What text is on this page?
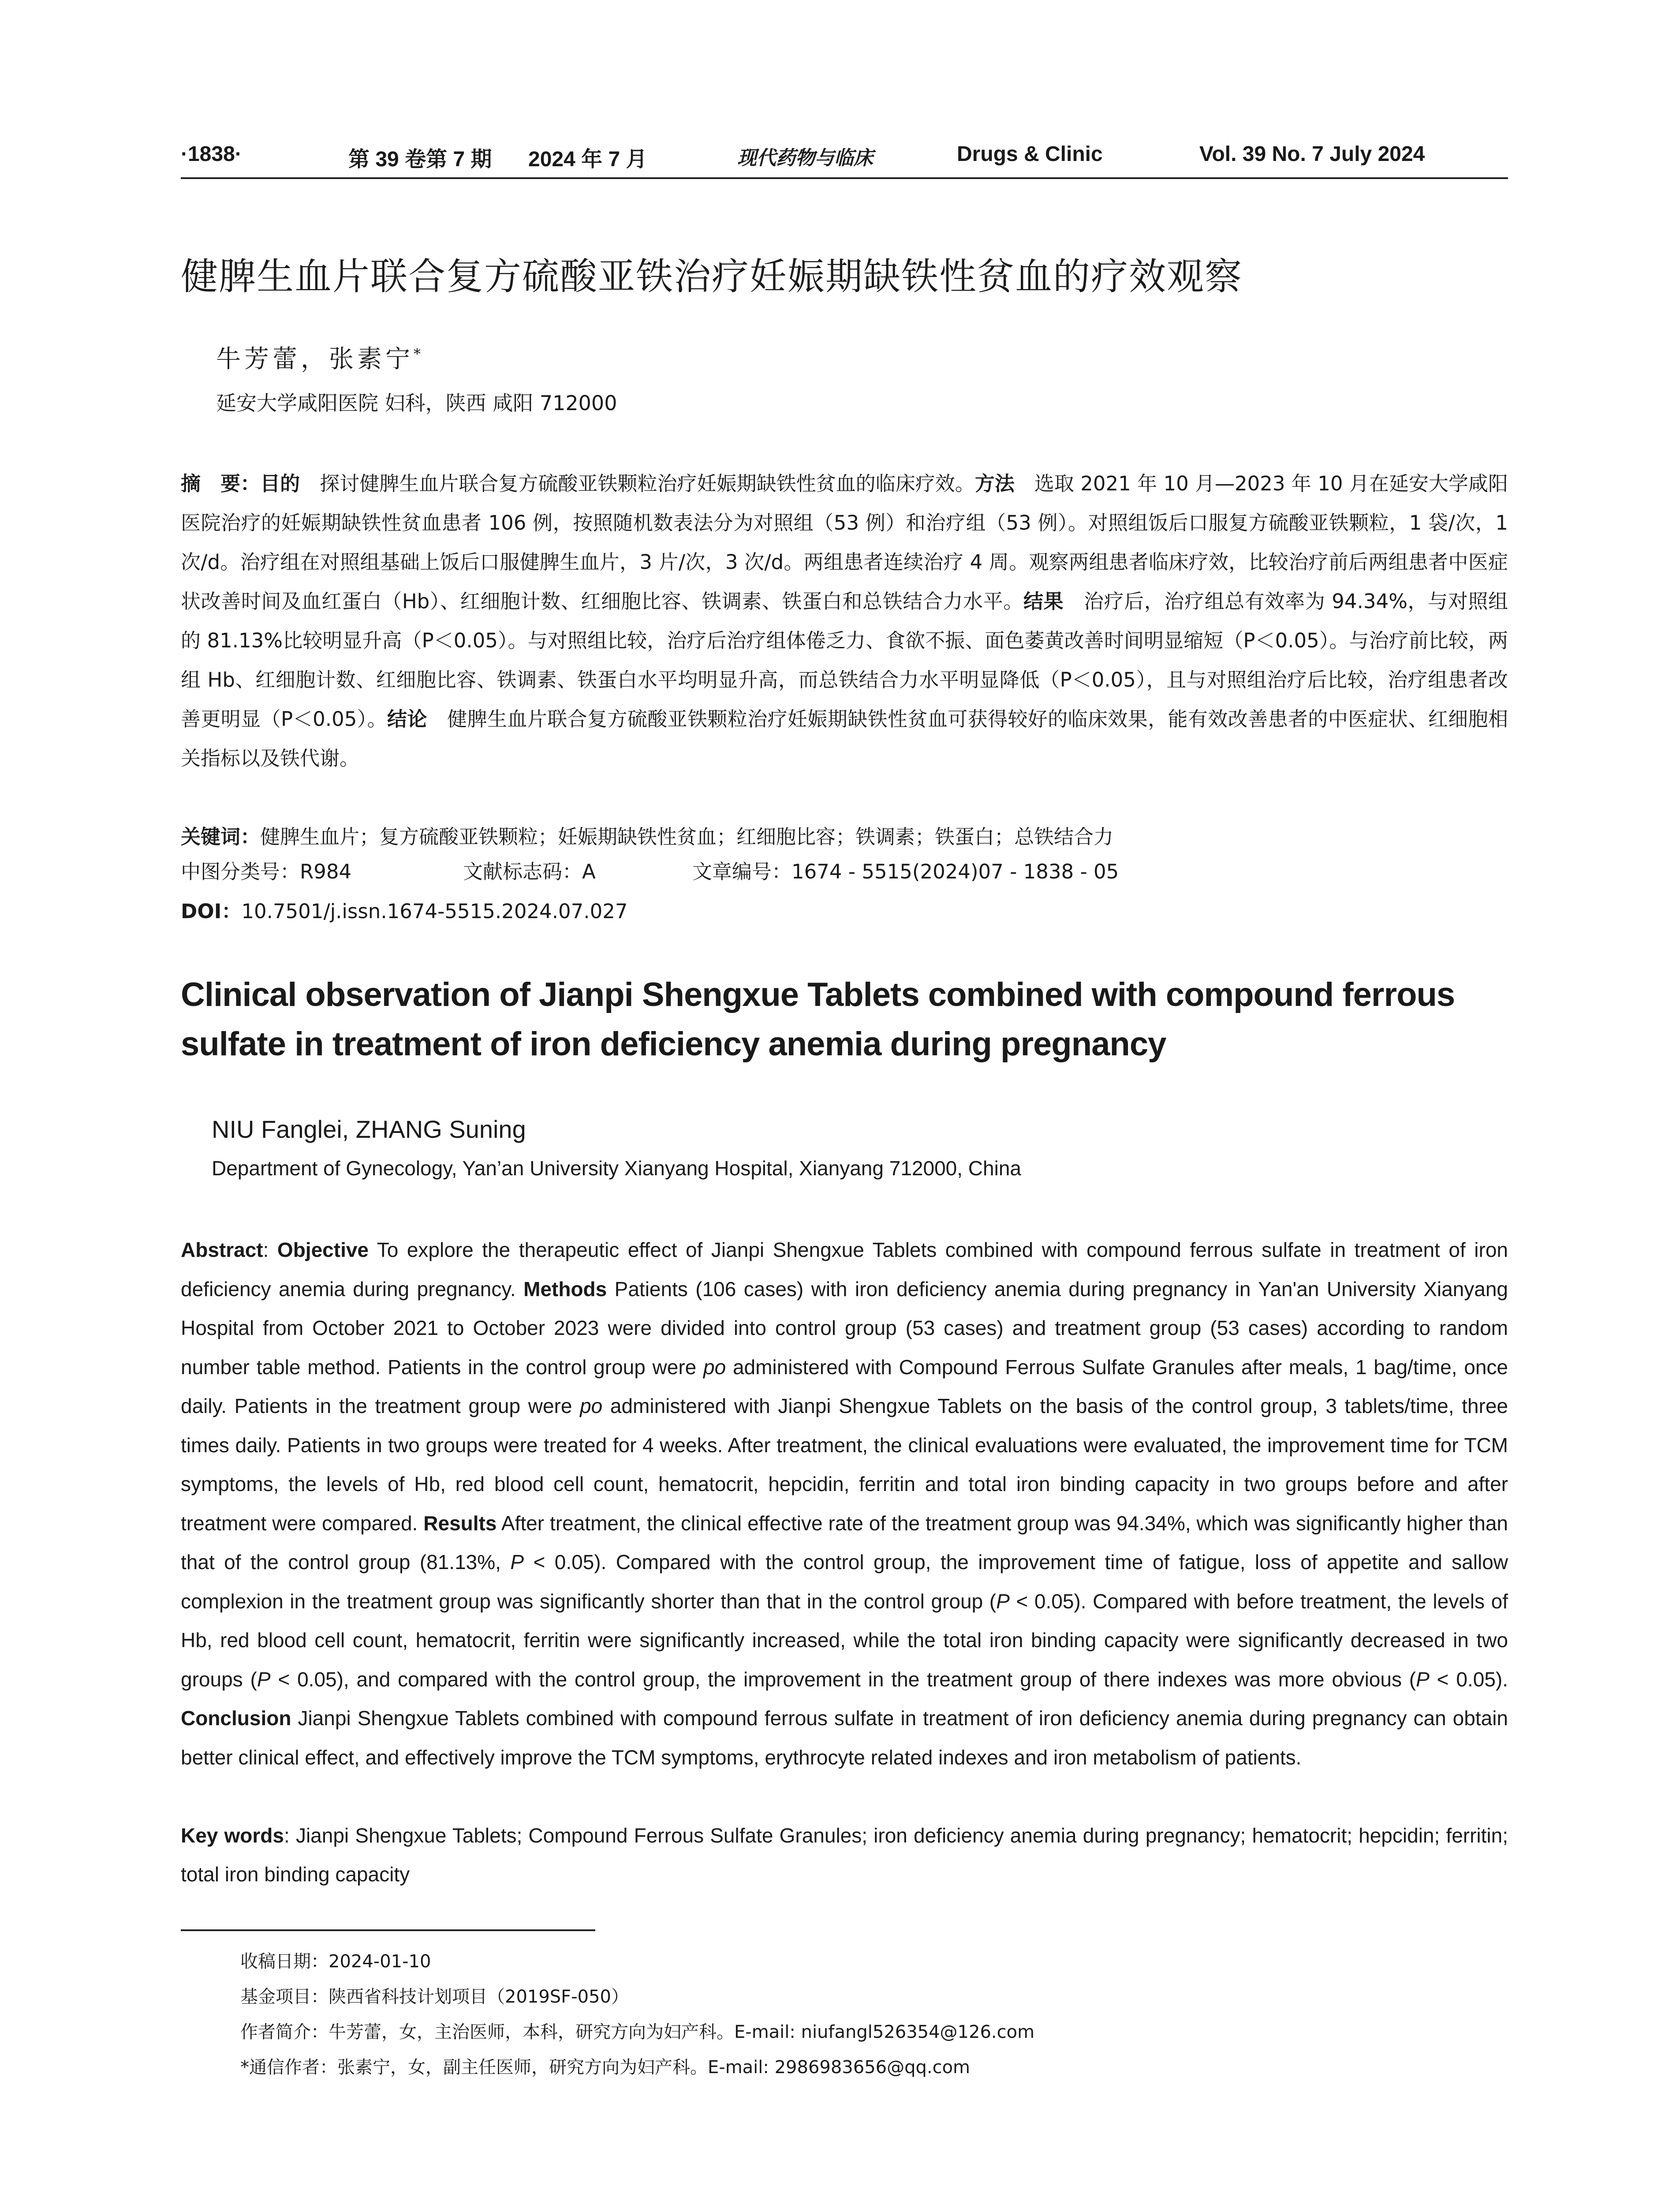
·1838·	第 39 卷第 7 期 2024 年 7 月	现代药物与临床	Drugs & Clinic	Vol. 39 No. 7 July 2024
健脾生血片联合复方硫酸亚铁治疗妊娠期缺铁性贫血的疗效观察
牛芳蕾，张素宁*
延安大学咸阳医院 妇科，陕西 咸阳 712000
摘　要：目的　 探讨健脾生血片联合复方硫酸亚铁颗粒治疗妊娠期缺铁性贫血的临床疗效。方法　 选取 2021 年 10 月—2023 年 10 月在延安大学咸阳医院治疗的妊娠期缺铁性贫血患者 106 例，按照随机数表法分为对照组（53 例）和治疗组（53 例）。对照组饭后口服复方硫酸亚铁颗粒，1 袋/次，1 次/d。治疗组在对照组基础上饭后口服健脾生血片，3 片/次，3 次/d。两组患者连续治疗 4 周。观察两组患者临床疗效，比较治疗前后两组患者中医症状改善时间及血红蛋白（Hb）、红细胞计数、红细胞比容、铁调素、铁蛋白和总铁结合力水平。结果　 治疗后，治疗组总有效率为 94.34%，与对照组的 81.13%比较明显升高（P＜0.05）。与对照组比较，治疗后治疗组体倦乏力、食欲不振、面色萎黄改善时间明显缩短（P＜0.05）。与治疗前比较，两组 Hb、红细胞计数、红细胞比容、铁调素、铁蛋白水平均明显升高，而总铁结合力水平明显降低（P＜0.05），且与对照组治疗后比较，治疗组患者改善更明显（P＜0.05）。结论　 健脾生血片联合复方硫酸亚铁颗粒治疗妊娠期缺铁性贫血可获得较好的临床效果，能有效改善患者的中医症状、红细胞相关指标以及铁代谢。
关键词：健脾生血片；复方硫酸亚铁颗粒；妊娠期缺铁性贫血；红细胞比容；铁调素；铁蛋白；总铁结合力
中图分类号：R984	文献标志码：A	文章编号：1674 - 5515(2024)07 - 1838 - 05
DOI：10.7501/j.issn.1674-5515.2024.07.027
Clinical observation of Jianpi Shengxue Tablets combined with compound ferrous sulfate in treatment of iron deficiency anemia during pregnancy
NIU Fanglei, ZHANG Suning
Department of Gynecology, Yan’an University Xianyang Hospital, Xianyang 712000, China
Abstract: Objective To explore the therapeutic effect of Jianpi Shengxue Tablets combined with compound ferrous sulfate in treatment of iron deficiency anemia during pregnancy. Methods Patients (106 cases) with iron deficiency anemia during pregnancy in Yan'an University Xianyang Hospital from October 2021 to October 2023 were divided into control group (53 cases) and treatment group (53 cases) according to random number table method. Patients in the control group were po administered with Compound Ferrous Sulfate Granules after meals, 1 bag/time, once daily. Patients in the treatment group were po administered with Jianpi Shengxue Tablets on the basis of the control group, 3 tablets/time, three times daily. Patients in two groups were treated for 4 weeks. After treatment, the clinical evaluations were evaluated, the improvement time for TCM symptoms, the levels of Hb, red blood cell count, hematocrit, hepcidin, ferritin and total iron binding capacity in two groups before and after treatment were compared. Results After treatment, the clinical effective rate of the treatment group was 94.34%, which was significantly higher than that of the control group (81.13%, P < 0.05). Compared with the control group, the improvement time of fatigue, loss of appetite and sallow complexion in the treatment group was significantly shorter than that in the control group (P < 0.05). Compared with before treatment, the levels of Hb, red blood cell count, hematocrit, ferritin were significantly increased, while the total iron binding capacity were significantly decreased in two groups (P < 0.05), and compared with the control group, the improvement in the treatment group of there indexes was more obvious (P < 0.05). Conclusion Jianpi Shengxue Tablets combined with compound ferrous sulfate in treatment of iron deficiency anemia during pregnancy can obtain better clinical effect, and effectively improve the TCM symptoms, erythrocyte related indexes and iron metabolism of patients.
Key words: Jianpi Shengxue Tablets; Compound Ferrous Sulfate Granules; iron deficiency anemia during pregnancy; hematocrit; hepcidin; ferritin; total iron binding capacity
收稿日期：2024-01-10
基金项目：陕西省科技计划项目（2019SF-050）
作者简介：牛芳蕾，女，主治医师，本科，研究方向为妇产科。E-mail: niufangl526354@126.com
*通信作者：张素宁，女，副主任医师，研究方向为妇产科。E-mail: 2986983656@qq.com
